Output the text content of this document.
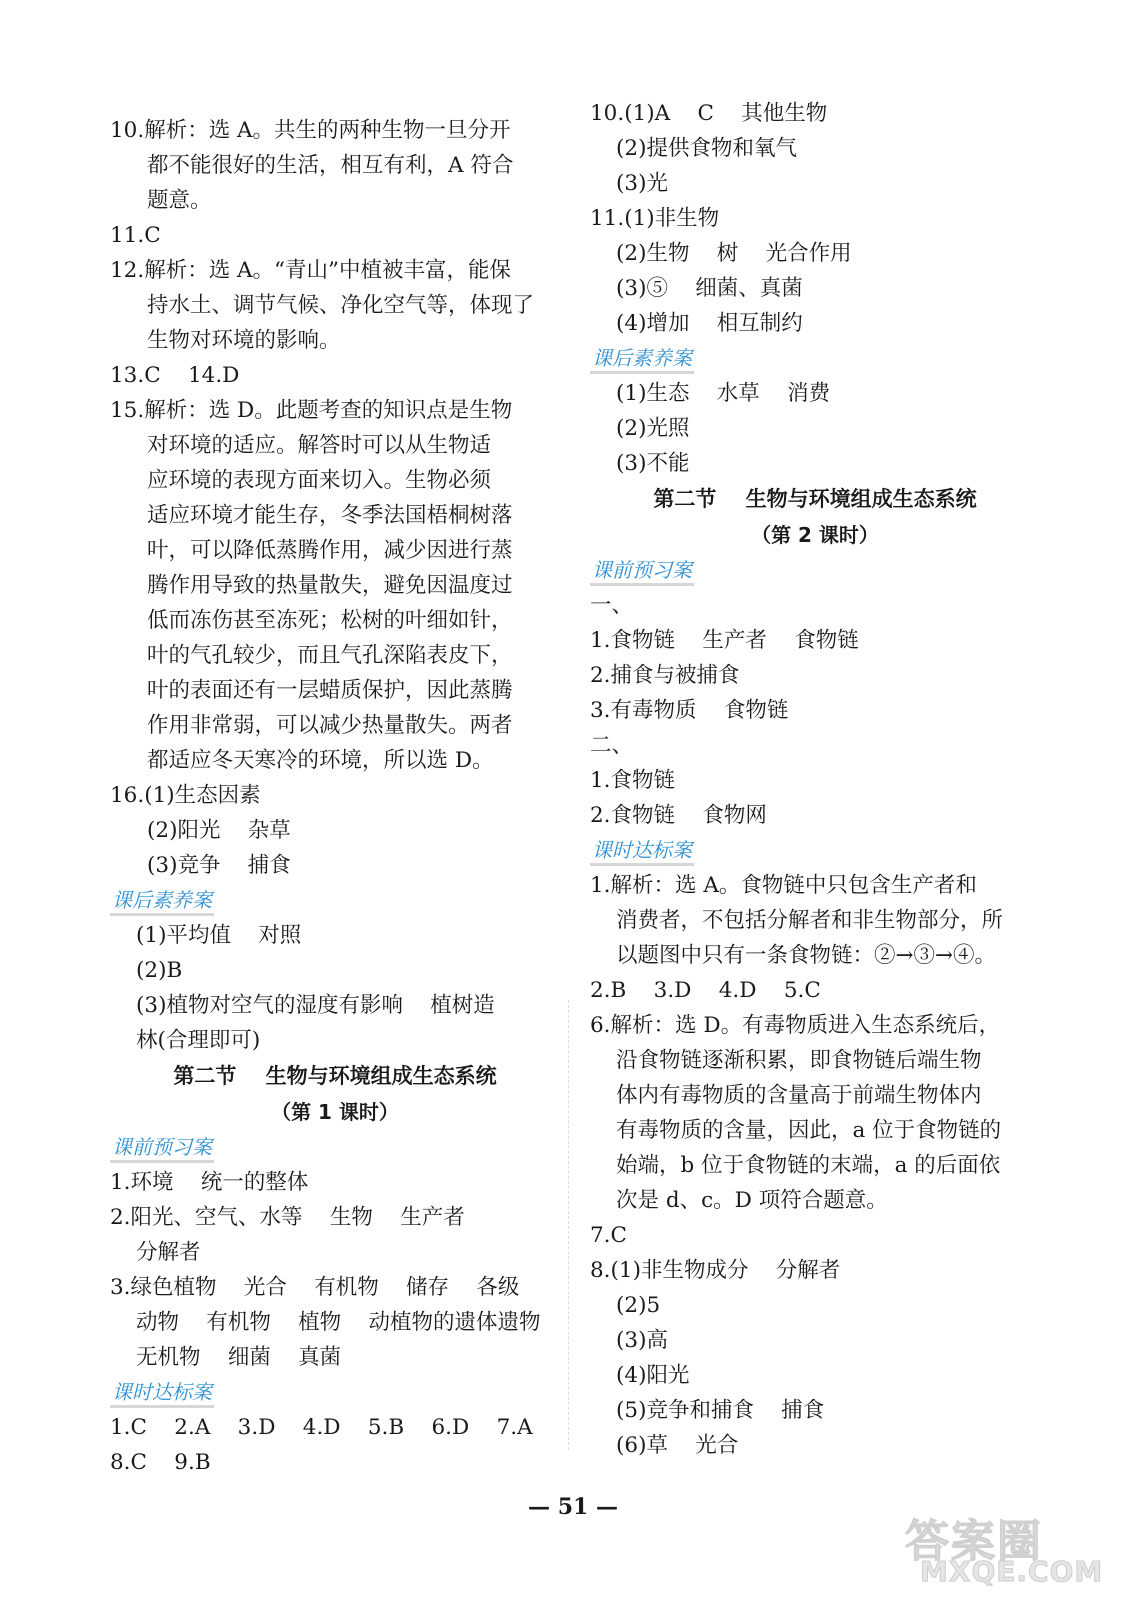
10.解析：选 A。共生的两种生物一旦分开
都不能很好的生活，相互有利，A 符合
题意。
11.C
12.解析：选 A。“青山”中植被丰富，能保
持水土、调节气候、净化空气等，体现了
生物对环境的影响。
13.C    14.D
15.解析：选 D。此题考查的知识点是生物
对环境的适应。解答时可以从生物适
应环境的表现方面来切入。生物必须
适应环境才能生存，冬季法国梧桐树落
叶，可以降低蒸腾作用，减少因进行蒸
腾作用导致的热量散失，避免因温度过
低而冻伤甚至冻死；松树的叶细如针，
叶的气孔较少，而且气孔深陷表皮下，
叶的表面还有一层蜡质保护，因此蒸腾
作用非常弱，可以减少热量散失。两者
都适应冬天寒冷的环境，所以选 D。
16.(1)生态因素
(2)阳光    杂草
(3)竞争    捕食
课后素养案
(1)平均值    对照
(2)B
(3)植物对空气的湿度有影响    植树造
林(合理即可)
第二节    生物与环境组成生态系统
（第 1 课时）
课前预习案
1.环境    统一的整体
2.阳光、空气、水等    生物    生产者
分解者
3.绿色植物    光合    有机物    储存    各级
动物    有机物    植物    动植物的遗体遗物
无机物    细菌    真菌
课时达标案
1.C    2.A    3.D    4.D    5.B    6.D    7.A
8.C    9.B
10.(1)A    C    其他生物
(2)提供食物和氧气
(3)光
11.(1)非生物
(2)生物    树    光合作用
(3)⑤    细菌、真菌
(4)增加    相互制约
课后素养案
(1)生态    水草    消费
(2)光照
(3)不能
第二节    生物与环境组成生态系统
（第 2 课时）
课前预习案
一、
1.食物链    生产者    食物链
2.捕食与被捕食
3.有毒物质    食物链
二、
1.食物链
2.食物链    食物网
课时达标案
1.解析：选 A。食物链中只包含生产者和
消费者，不包括分解者和非生物部分，所
以题图中只有一条食物链：②→③→④。
2.B    3.D    4.D    5.C
6.解析：选 D。有毒物质进入生态系统后，
沿食物链逐渐积累，即食物链后端生物
体内有毒物质的含量高于前端生物体内
有毒物质的含量，因此，a 位于食物链的
始端，b 位于食物链的末端，a 的后面依
次是 d、c。D 项符合题意。
7.C
8.(1)非生物成分    分解者
(2)5
(3)高
(4)阳光
(5)竞争和捕食    捕食
(6)草    光合
— 51 —
答案圈
MXQE.COM
